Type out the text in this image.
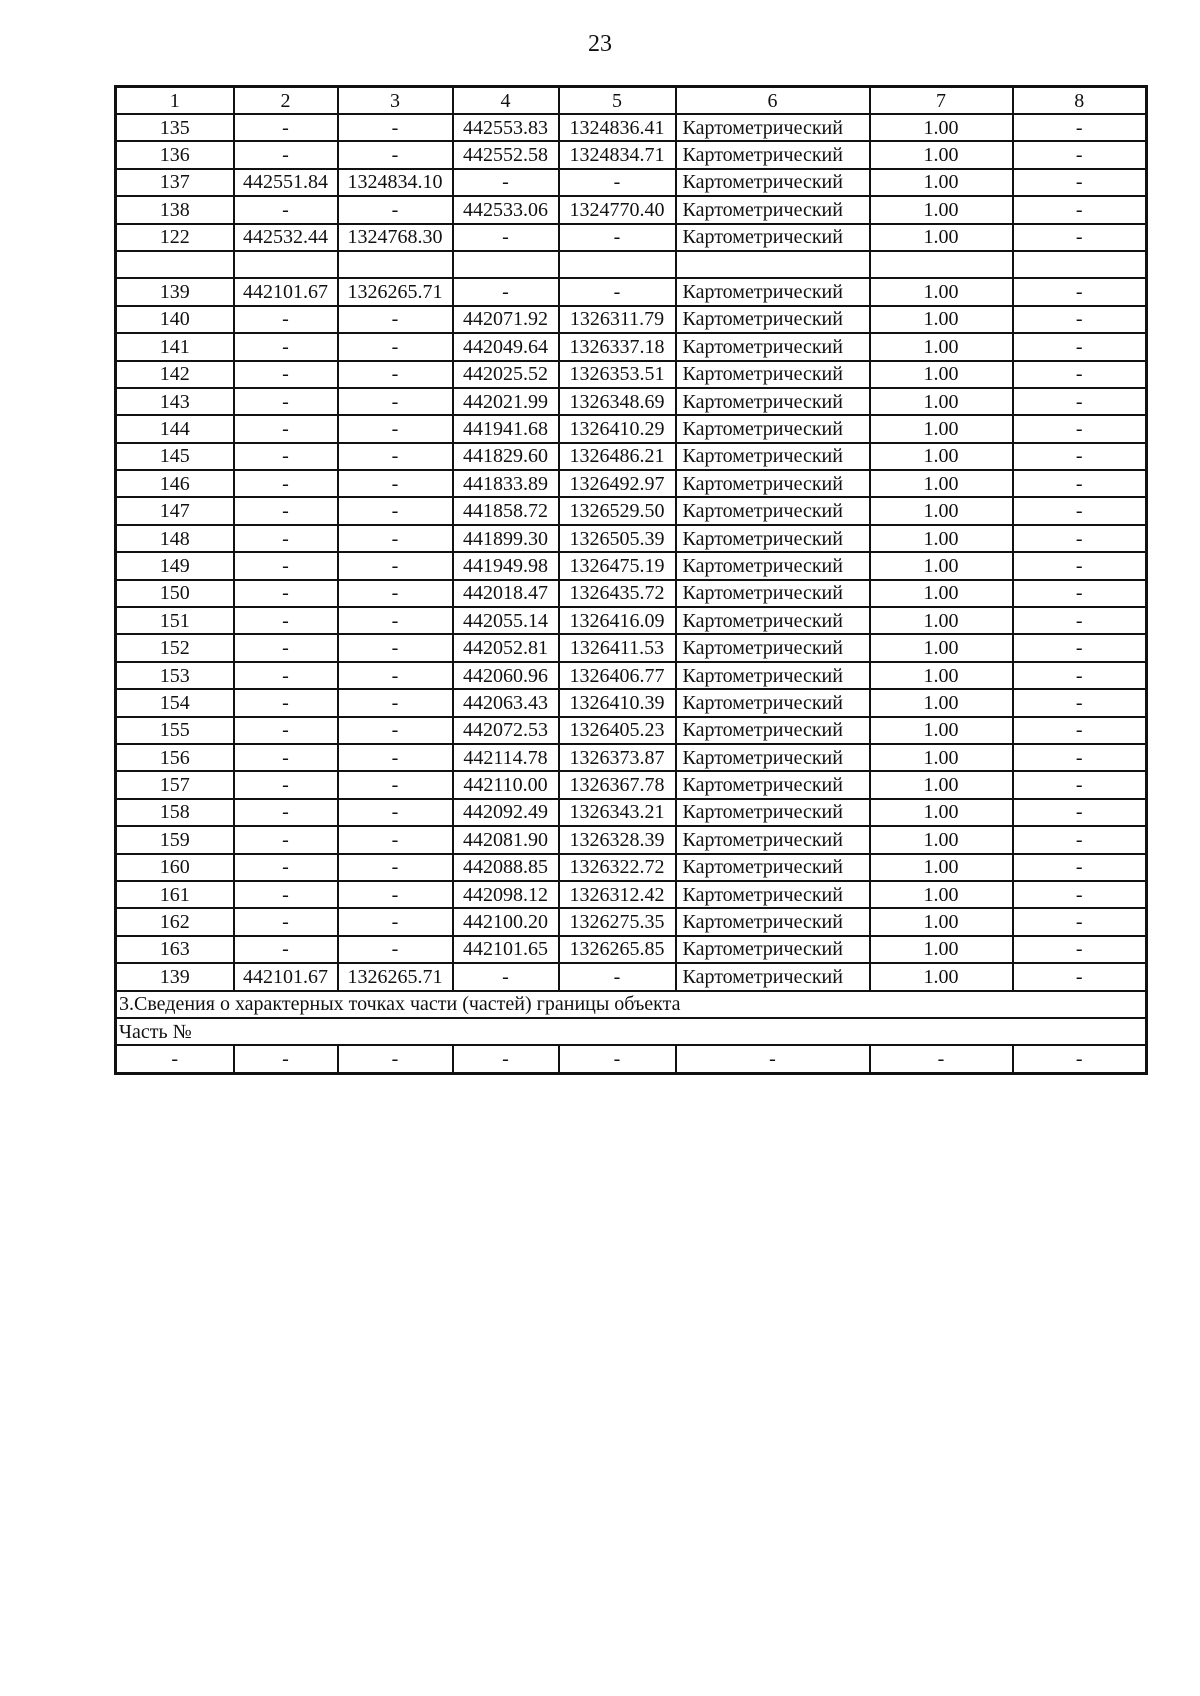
23
1	2	3	4	5	6	7	8
135	-	-	442553.83	1324836.41	Картометрический	1.00	-
136	-	-	442552.58	1324834.71	Картометрический	1.00	-
137	442551.84	1324834.10	-	-	Картометрический	1.00	-
138	-	-	442533.06	1324770.40	Картометрический	1.00	-
122	442532.44	1324768.30	-	-	Картометрический	1.00	-

139	442101.67	1326265.71	-	-	Картометрический	1.00	-
140	-	-	442071.92	1326311.79	Картометрический	1.00	-
141	-	-	442049.64	1326337.18	Картометрический	1.00	-
142	-	-	442025.52	1326353.51	Картометрический	1.00	-
143	-	-	442021.99	1326348.69	Картометрический	1.00	-
144	-	-	441941.68	1326410.29	Картометрический	1.00	-
145	-	-	441829.60	1326486.21	Картометрический	1.00	-
146	-	-	441833.89	1326492.97	Картометрический	1.00	-
147	-	-	441858.72	1326529.50	Картометрический	1.00	-
148	-	-	441899.30	1326505.39	Картометрический	1.00	-
149	-	-	441949.98	1326475.19	Картометрический	1.00	-
150	-	-	442018.47	1326435.72	Картометрический	1.00	-
151	-	-	442055.14	1326416.09	Картометрический	1.00	-
152	-	-	442052.81	1326411.53	Картометрический	1.00	-
153	-	-	442060.96	1326406.77	Картометрический	1.00	-
154	-	-	442063.43	1326410.39	Картометрический	1.00	-
155	-	-	442072.53	1326405.23	Картометрический	1.00	-
156	-	-	442114.78	1326373.87	Картометрический	1.00	-
157	-	-	442110.00	1326367.78	Картометрический	1.00	-
158	-	-	442092.49	1326343.21	Картометрический	1.00	-
159	-	-	442081.90	1326328.39	Картометрический	1.00	-
160	-	-	442088.85	1326322.72	Картометрический	1.00	-
161	-	-	442098.12	1326312.42	Картометрический	1.00	-
162	-	-	442100.20	1326275.35	Картометрический	1.00	-
163	-	-	442101.65	1326265.85	Картометрический	1.00	-
139	442101.67	1326265.71	-	-	Картометрический	1.00	-
3.Сведения о характерных точках части (частей) границы объекта							
Часть №							
-	-	-	-	-	-	-	-
